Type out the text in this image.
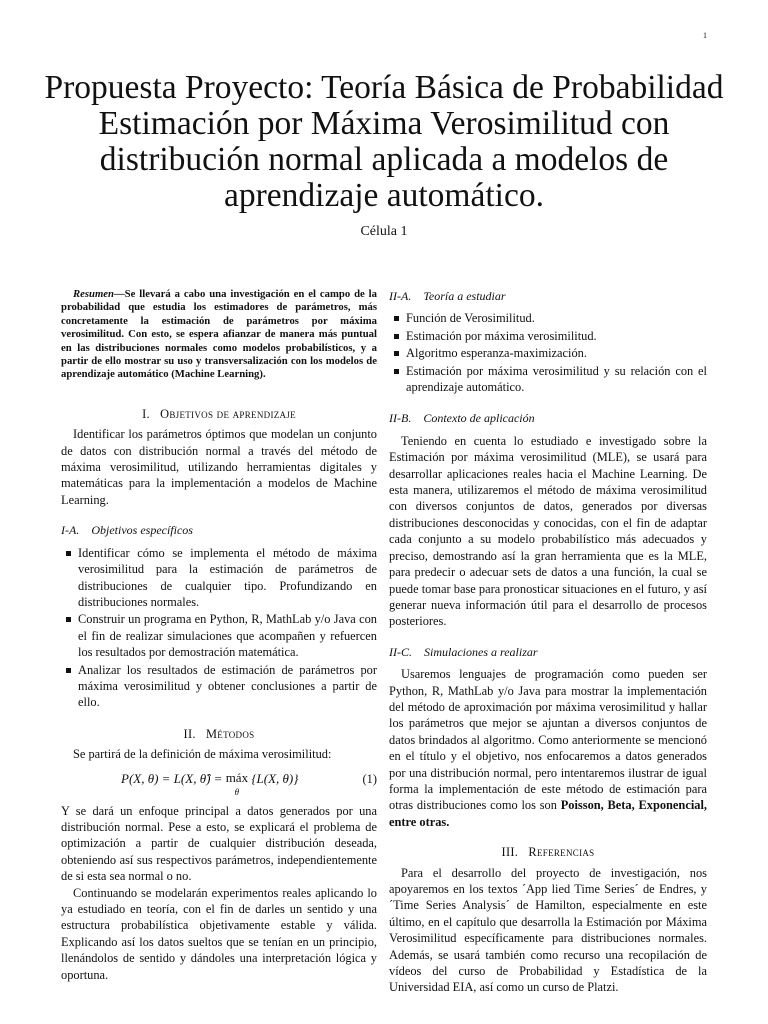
1
Propuesta Proyecto: Teoría Básica de Probabilidad
Estimación por Máxima Verosimilitud con
distribución normal aplicada a modelos de
aprendizaje automático.
Célula 1

Resumen—Se llevará a cabo una investigación en el campo de la probabilidad que estudia los estimadores de parámetros, más concretamente la estimación de parámetros por máxima verosimilitud. Con esto, se espera afianzar de manera más puntual en las distribuciones normales como modelos probabilísticos, y a partir de ello mostrar su uso y transversalización con los modelos de aprendizaje automático (Machine Learning).

I. Objetivos de aprendizaje

Identificar los parámetros óptimos que modelan un conjunto de datos con distribución normal a través del método de máxima verosimilitud, utilizando herramientas digitales y matemáticas para la implementación a modelos de Machine Learning.

I-A. Objetivos específicos
Identificar cómo se implementa el método de máxima verosimilitud para la estimación de parámetros de distribuciones de cualquier tipo. Profundizando en distribuciones normales.
Construir un programa en Python, R, MathLab y/o Java con el fin de realizar simulaciones que acompañen y refuercen los resultados por demostración matemática.
Analizar los resultados de estimación de parámetros por máxima verosimilitud y obtener conclusiones a partir de ello.
II. Métodos

Se partirá de la definición de máxima verosimilitud:

P(X, θ) = L(X, θ̂) = máx
θ {L(X, θ)}	(1)

Y se dará un enfoque principal a datos generados por una distribución normal. Pese a esto, se explicará el problema de optimización a partir de cualquier distribución deseada, obteniendo así sus respectivos parámetros, independientemente de si esta sea normal o no.

Continuando se modelarán experimentos reales aplicando lo ya estudiado en teoría, con el fin de darles un sentido y una estructura probabilística objetivamente estable y válida. Explicando así los datos sueltos que se tenían en un principio, llenándolos de sentido y dándoles una interpretación lógica y oportuna.

II-A. Teoría a estudiar
Función de Verosimilitud.
Estimación por máxima verosimilitud.
Algoritmo esperanza-maximización.
Estimación por máxima verosimilitud y su relación con el aprendizaje automático.
II-B. Contexto de aplicación

Teniendo en cuenta lo estudiado e investigado sobre la Estimación por máxima verosimilitud (MLE), se usará para desarrollar aplicaciones reales hacia el Machine Learning. De esta manera, utilizaremos el método de máxima verosimilitud con diversos conjuntos de datos, generados por diversas distribuciones desconocidas y conocidas, con el fin de adaptar cada conjunto a su modelo probabilístico más adecuados y preciso, demostrando así la gran herramienta que es la MLE, para predecir o adecuar sets de datos a una función, la cual se puede tomar base para pronosticar situaciones en el futuro, y así generar nueva información útil para el desarrollo de procesos posteriores.

II-C. Simulaciones a realizar

Usaremos lenguajes de programación como pueden ser Python, R, MathLab y/o Java para mostrar la implementación del método de aproximación por máxima verosimilitud y hallar los parámetros que mejor se ajuntan a diversos conjuntos de datos brindados al algoritmo. Como anteriormente se mencionó en el título y el objetivo, nos enfocaremos a datos generados por una distribución normal, pero intentaremos ilustrar de igual forma la implementación de este método de estimación para otras distribuciones como los son Poisson, Beta, Exponencial, entre otras.

III. Referencias

Para el desarrollo del proyecto de investigación, nos apoyaremos en los textos ´App lied Time Series´ de Endres, y ´Time Series Analysis´ de Hamilton, especialmente en este último, en el capítulo que desarrolla la Estimación por Máxima Verosimilitud específicamente para distribuciones normales. Además, se usará también como recurso una recopilación de vídeos del curso de Probabilidad y Estadística de la Universidad EIA, así como un curso de Platzi.
